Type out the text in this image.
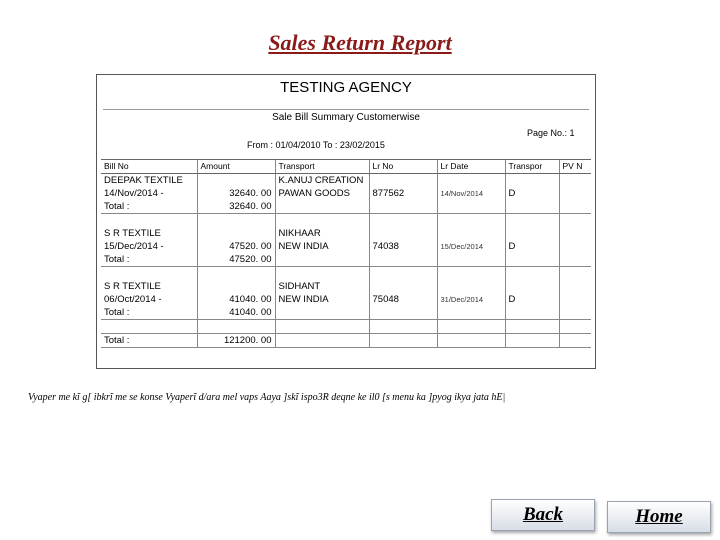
Sales Return Report
TESTING AGENCY
Sale Bill Summary Customerwise
Page No.: 1
From : 01/04/2010 To : 23/02/2015
Bill No	Amount	Transport	Lr No	Lr Date	Transpor	PV N
DEEPAK TEXTILE		K.ANUJ CREATION				
14/Nov/2014 -	32640. 00	PAWAN GOODS	877562	14/Nov/2014	D	
Total :	32640. 00					

S R TEXTILE		NIKHAAR				
15/Dec/2014 -	47520. 00	NEW INDIA	74038	15/Dec/2014	D	
Total :	47520. 00					

S R TEXTILE		SIDHANT				
06/Oct/2014 -	41040. 00	NEW INDIA	75048	31/Dec/2014	D	
Total :	41040. 00					

Total :	121200. 00					
Vyaper me kĩ g[ ibkrĩ me se konse Vyaperĩ d/ara mel vaps Aaya ]skĩ ispo3R deqne ke il0 [s menu ka ]pyog ikya jata hE|
Back	Home
